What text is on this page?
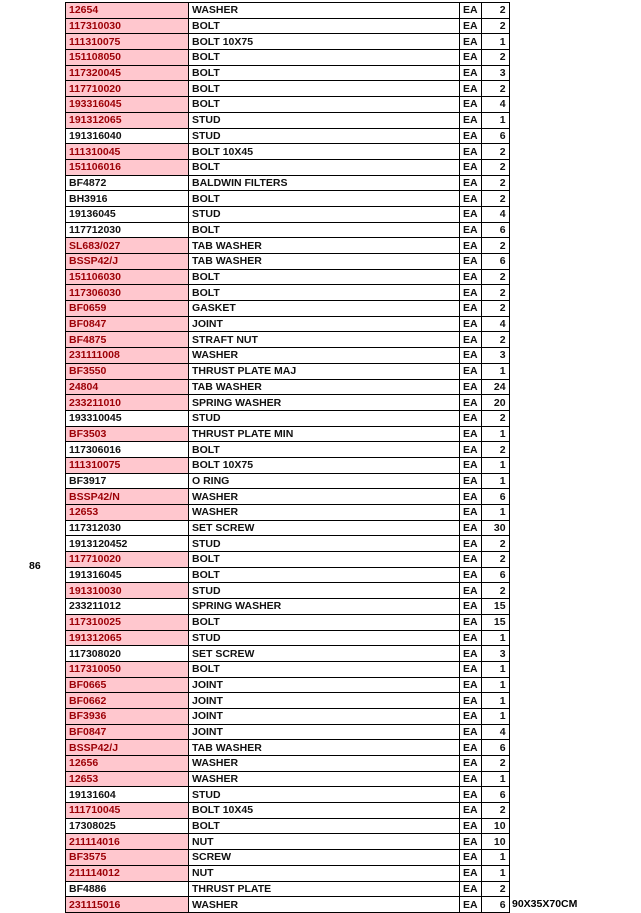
86
12654	WASHER	EA	2	
117310030	BOLT	EA	2	
111310075	BOLT 10X75	EA	1	
151108050	BOLT	EA	2	
117320045	BOLT	EA	3	
117710020	BOLT	EA	2	
193316045	BOLT	EA	4	
191312065	STUD	EA	1	
191316040	STUD	EA	6	
111310045	BOLT 10X45	EA	2	
151106016	BOLT	EA	2	
BF4872	BALDWIN FILTERS	EA	2	
BH3916	BOLT	EA	2	
19136045	STUD	EA	4	
117712030	BOLT	EA	6	
SL683/027	TAB WASHER	EA	2	
BSSP42/J	TAB WASHER	EA	6	
151106030	BOLT	EA	2	
117306030	BOLT	EA	2	
BF0659	GASKET	EA	2	
BF0847	JOINT	EA	4	
BF4875	STRAFT NUT	EA	2	
231111008	WASHER	EA	3	
BF3550	THRUST PLATE MAJ	EA	1	
24804	TAB WASHER	EA	24	
233211010	SPRING WASHER	EA	20	
193310045	STUD	EA	2	
BF3503	THRUST PLATE MIN	EA	1	
117306016	BOLT	EA	2	
111310075	BOLT 10X75	EA	1	
BF3917	O RING	EA	1	
BSSP42/N	WASHER	EA	6	
12653	WASHER	EA	1	
117312030	SET SCREW	EA	30	
1913120452	STUD	EA	2	
117710020	BOLT	EA	2	
191316045	BOLT	EA	6	
191310030	STUD	EA	2	
233211012	SPRING WASHER	EA	15	
117310025	BOLT	EA	15	
191312065	STUD	EA	1	
117308020	SET SCREW	EA	3	
117310050	BOLT	EA	1	
BF0665	JOINT	EA	1	
BF0662	JOINT	EA	1	
BF3936	JOINT	EA	1	
BF0847	JOINT	EA	4	
BSSP42/J	TAB WASHER	EA	6	
12656	WASHER	EA	2	
12653	WASHER	EA	1	
19131604	STUD	EA	6	
111710045	BOLT 10X45	EA	2	
17308025	BOLT	EA	10	
211114016	NUT	EA	10	
BF3575	SCREW	EA	1	
211114012	NUT	EA	1	
BF4886	THRUST PLATE	EA	2	
231115016	WASHER	EA	6	90X35X70CM
